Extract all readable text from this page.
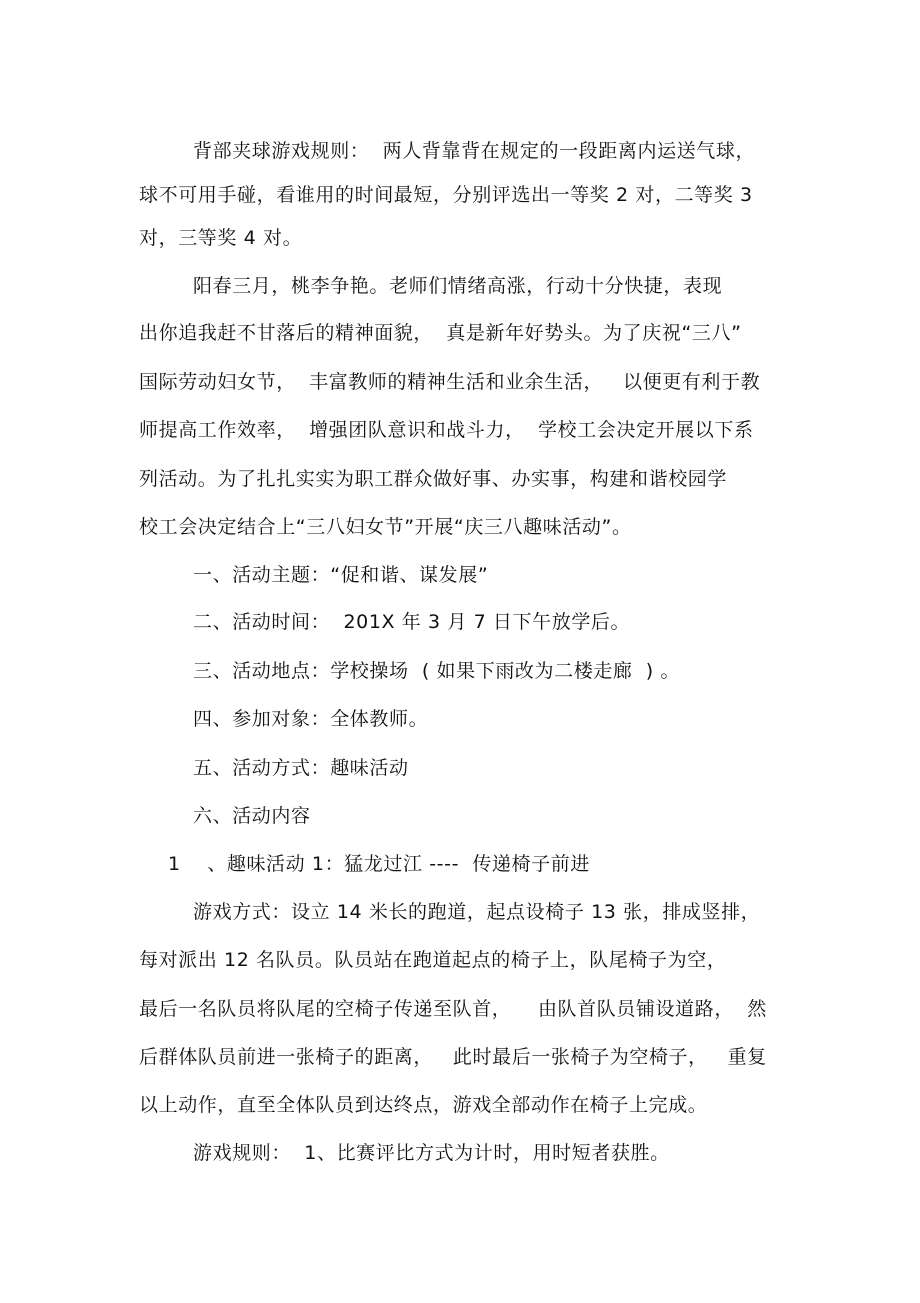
背部夹球游戏规则：  两人背靠背在规定的一段距离内运送气球，
球不可用手碰，看谁用的时间最短，分别评选出一等奖 2 对，二等奖 3
对，三等奖 4 对。
阳春三月，桃李争艳。老师们情绪高涨，行动十分快捷，表现
出你追我赶不甘落后的精神面貌，  真是新年好势头。为了庆祝“三八”
国际劳动妇女节，  丰富教师的精神生活和业余生活，   以便更有利于教
师提高工作效率，  增强团队意识和战斗力，  学校工会决定开展以下系
列活动。为了扎扎实实为职工群众做好事、办实事，构建和谐校园学
校工会决定结合上“三八妇女节”开展“庆三八趣味活动”。
一、活动主题：“促和谐、谋发展”
二、活动时间：  201X 年 3 月 7 日下午放学后。
三、活动地点：学校操场  ( 如果下雨改为二楼走廊  ) 。
四、参加对象：全体教师。
五、活动方式：趣味活动
六、活动内容
1    、趣味活动 1：猛龙过江 ----  传递椅子前进
游戏方式：设立 14 米长的跑道，起点设椅子 13 张，排成竖排，
每对派出 12 名队员。队员站在跑道起点的椅子上，队尾椅子为空，
最后一名队员将队尾的空椅子传递至队首，    由队首队员铺设道路，  然
后群体队员前进一张椅子的距离，   此时最后一张椅子为空椅子，   重复
以上动作，直至全体队员到达终点，游戏全部动作在椅子上完成。
游戏规则：  1、比赛评比方式为计时，用时短者获胜。
